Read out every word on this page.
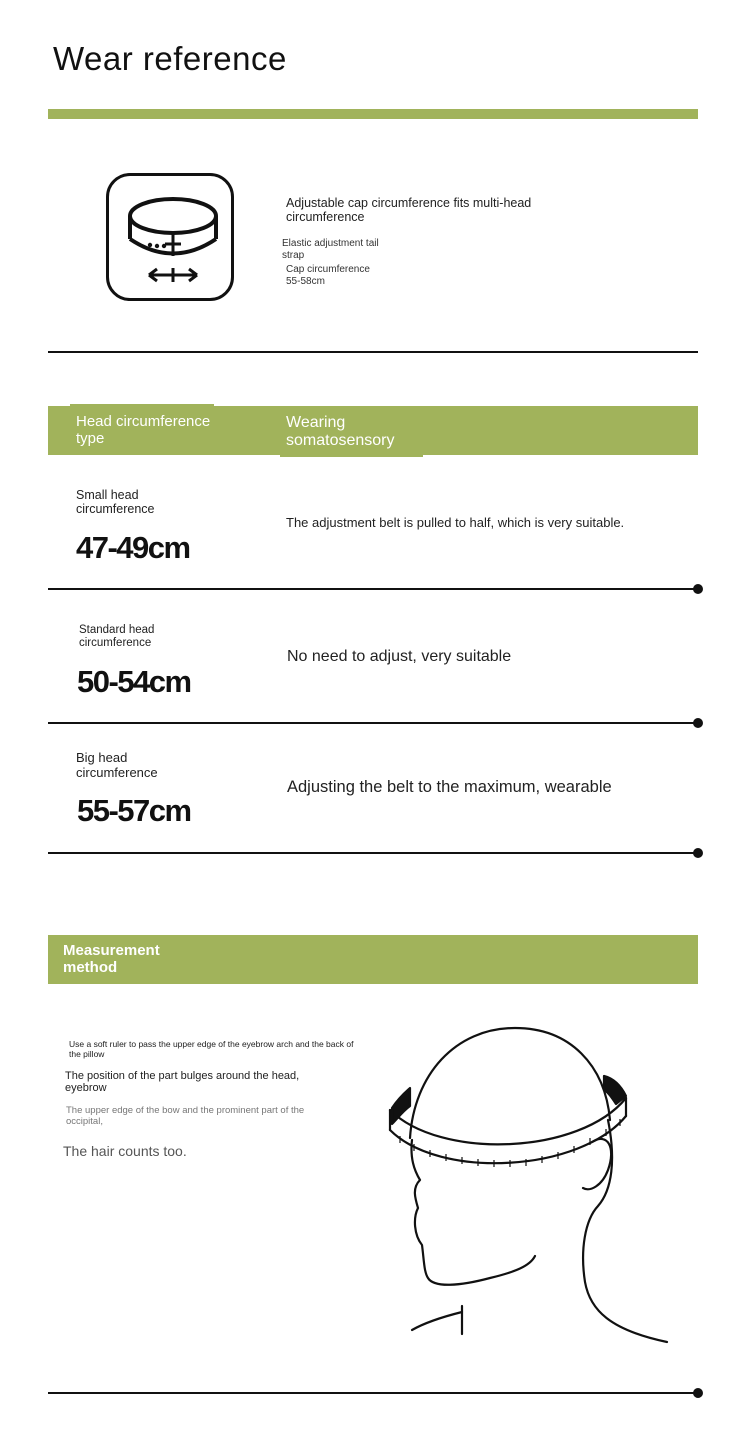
Wear reference
Adjustable cap circumference fits multi-head circumference
Elastic adjustment tail strap
Cap circumference
55-58cm
Head circumference type
Wearing somatosensory
Small head circumference
47-49cm
The adjustment belt is pulled to half, which is very suitable.
Standard head circumference
50-54cm
No need to adjust, very suitable
Big head circumference
55-57cm
Adjusting the belt to the maximum, wearable
Measurement method
Use a soft ruler to pass the upper edge of the eyebrow arch and the back of the pillow
The position of the part bulges around the head, eyebrow
The upper edge of the bow and the prominent part of the occipital,
The hair counts too.
